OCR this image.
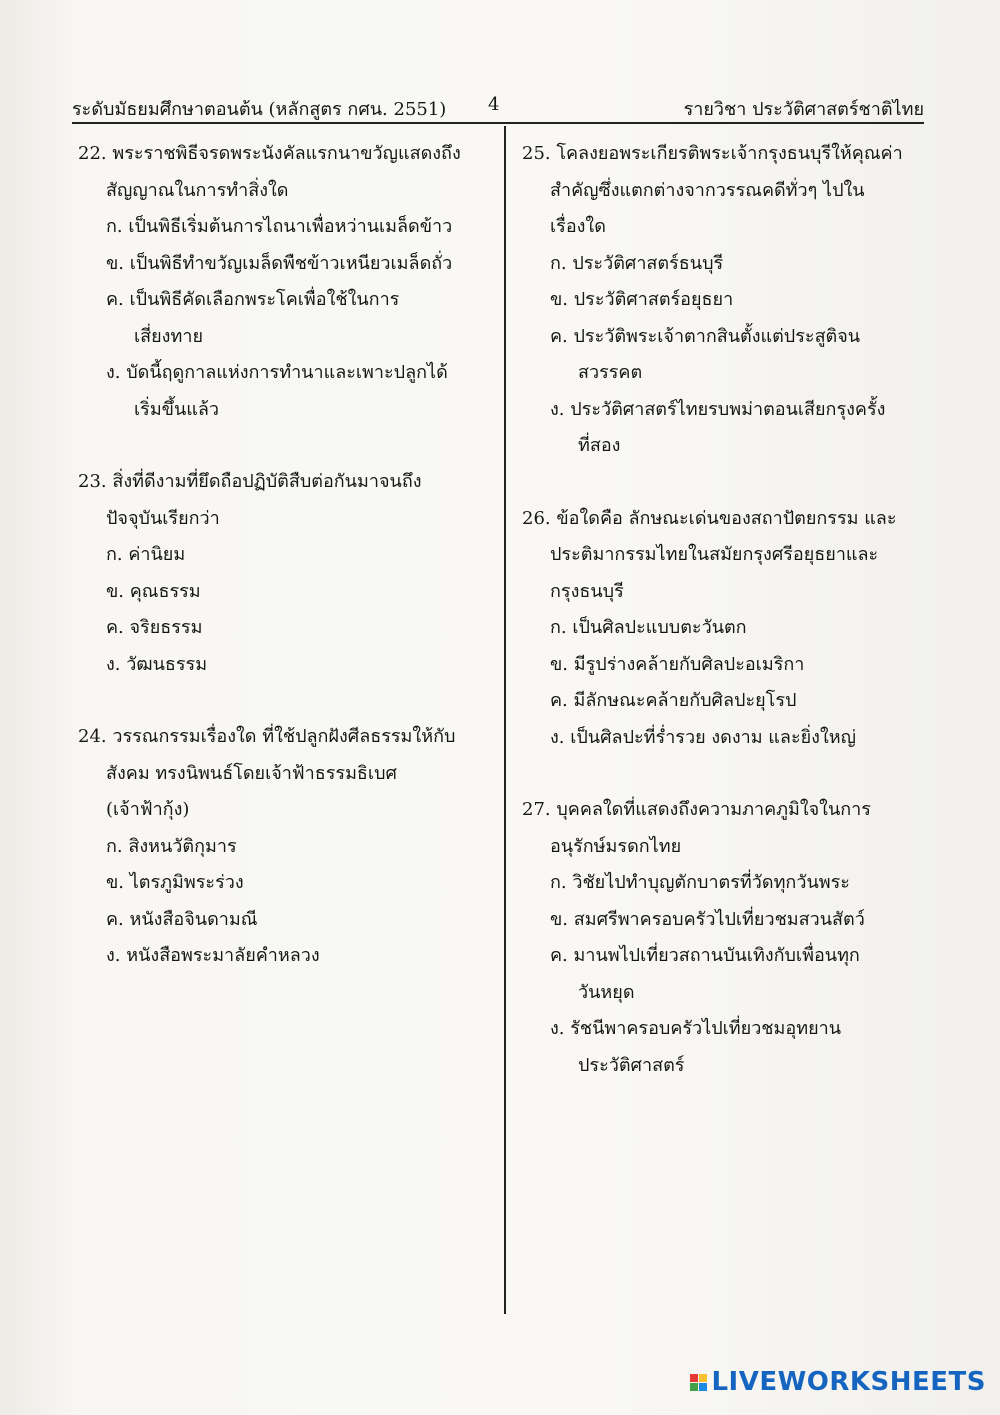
ระดับมัธยมศึกษาตอนต้น (หลักสูตร กศน. 2551) 4	รายวิชา ประวัติศาสตร์ชาติไทย
22. พระราชพิธีจรดพระนังคัลแรกนาขวัญแสดงถึง
สัญญาณในการทำสิ่งใด
ก. เป็นพิธีเริ่มต้นการไถนาเพื่อหว่านเมล็ดข้าว
ข. เป็นพิธีทำขวัญเมล็ดพืชข้าวเหนียวเมล็ดถั่ว
ค. เป็นพิธีคัดเลือกพระโคเพื่อใช้ในการ
เสี่ยงทาย
ง. บัดนี้ฤดูกาลแห่งการทำนาและเพาะปลูกได้
เริ่มขึ้นแล้ว
23. สิ่งที่ดีงามที่ยึดถือปฏิบัติสืบต่อกันมาจนถึง
ปัจจุบันเรียกว่า
ก. ค่านิยม
ข. คุณธรรม
ค. จริยธรรม
ง. วัฒนธรรม
24. วรรณกรรมเรื่องใด ที่ใช้ปลูกฝังศีลธรรมให้กับ
สังคม ทรงนิพนธ์โดยเจ้าฟ้าธรรมธิเบศ
(เจ้าฟ้ากุ้ง)
ก. สิงหนวัติกุมาร
ข. ไตรภูมิพระร่วง
ค. หนังสือจินดามณี
ง. หนังสือพระมาลัยคำหลวง
25. โคลงยอพระเกียรติพระเจ้ากรุงธนบุรีให้คุณค่า
สำคัญซึ่งแตกต่างจากวรรณคดีทั่วๆ ไปใน
เรื่องใด
ก. ประวัติศาสตร์ธนบุรี
ข. ประวัติศาสตร์อยุธยา
ค. ประวัติพระเจ้าตากสินตั้งแต่ประสูติจน
สวรรคต
ง. ประวัติศาสตร์ไทยรบพม่าตอนเสียกรุงครั้ง
ที่สอง
26. ข้อใดคือ ลักษณะเด่นของสถาปัตยกรรม และ
ประติมากรรมไทยในสมัยกรุงศรีอยุธยาและ
กรุงธนบุรี
ก. เป็นศิลปะแบบตะวันตก
ข. มีรูปร่างคล้ายกับศิลปะอเมริกา
ค. มีลักษณะคล้ายกับศิลปะยุโรป
ง. เป็นศิลปะที่ร่ำรวย งดงาม และยิ่งใหญ่
27. บุคคลใดที่แสดงถึงความภาคภูมิใจในการ
อนุรักษ์มรดกไทย
ก. วิชัยไปทำบุญตักบาตรที่วัดทุกวันพระ
ข. สมศรีพาครอบครัวไปเที่ยวชมสวนสัตว์
ค. มานพไปเที่ยวสถานบันเทิงกับเพื่อนทุก
วันหยุด
ง. รัชนีพาครอบครัวไปเที่ยวชมอุทยาน
ประวัติศาสตร์
LIVEWORKSHEETS
